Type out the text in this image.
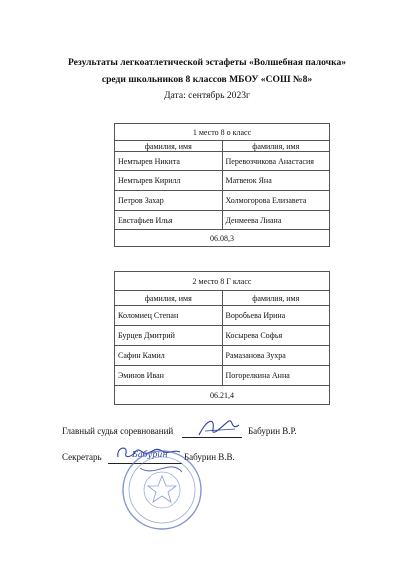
Результаты легкоатлетической эстафеты «Волшебная палочка»
среди школьников 8 классов МБОУ «СОШ №8»
Дата: сентябрь 2023г
1 место 8 о класс	
фамилия, имя	фамилия, имя
Немтырев Никита	Перевозчикова Анастасия
Немтырев Кирилл	Матвеюк Яна
Петров Захар	Холмогорова Елизавета
Евстафьев Илья	Денмеева Лиана
06.08,3	
2 место 8 Г класс	
фамилия, имя	фамилия, имя
Коломиец Степан	Воробьева Ирина
Бурцев Дмитрий	Косырева Софья
Сафин Камил	Рамазанова Зухра
Эминов Иван	Погорелкина Анна
06.21,4	
Главный судья соревнований	Бабурин В.Р.
Секретарь	Бабурин В.В.
Бабурин
